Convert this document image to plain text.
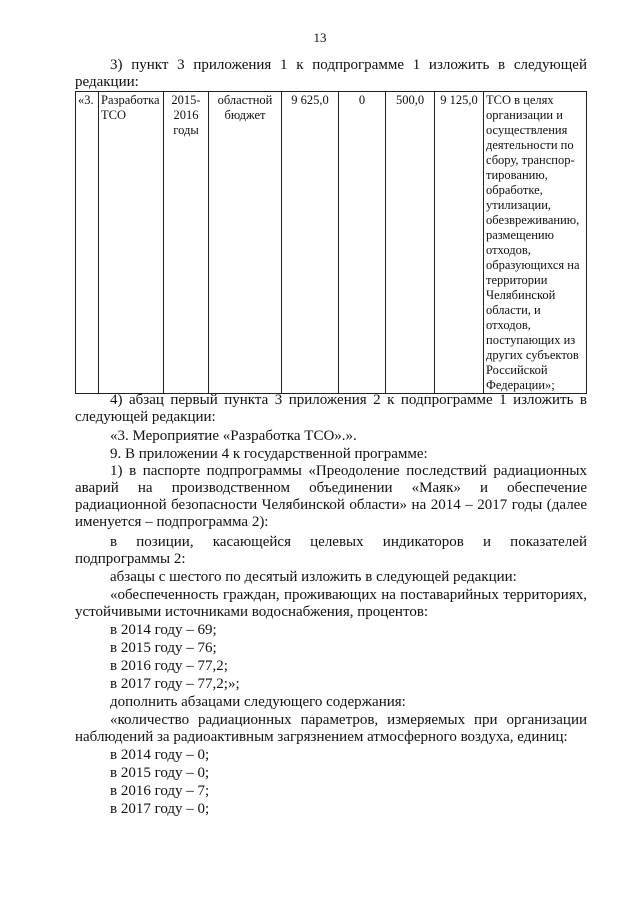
13
3) пункт 3 приложения 1 к подпрограмме 1 изложить в следующей
редакции:
«3.	Разработка ТСО	2015-2016 годы	областной бюджет	9 625,0	0	500,0	9 125,0	ТСО в целях организации и осуществления деятельности по сбору, транспор-тированию, обработке, утилизации, обезвреживанию, размещению отходов, образующихся на территории Челябинской области, и отходов, поступающих из других субъектов Российской Федерации»;
4) абзац первый пункта 3 приложения 2 к подпрограмме 1 изложить в
следующей редакции:
«3. Мероприятие «Разработка ТСО».».
9. В приложении 4 к государственной программе:
1) в паспорте подпрограммы «Преодоление последствий радиационных
аварий на производственном объединении «Маяк» и обеспечение
радиационной безопасности Челябинской области» на 2014 – 2017 годы (далее
именуется – подпрограмма 2):
в позиции, касающейся целевых индикаторов и показателей
подпрограммы 2:
абзацы с шестого по десятый изложить в следующей редакции:
«обеспеченность граждан, проживающих на поставарийных территориях,
устойчивыми источниками водоснабжения, процентов:
в 2014 году – 69;
в 2015 году – 76;
в 2016 году – 77,2;
в 2017 году – 77,2;»;
дополнить абзацами следующего содержания:
«количество радиационных параметров, измеряемых при организации
наблюдений за радиоактивным загрязнением атмосферного воздуха, единиц:
в 2014 году – 0;
в 2015 году – 0;
в 2016 году – 7;
в 2017 году – 0;
